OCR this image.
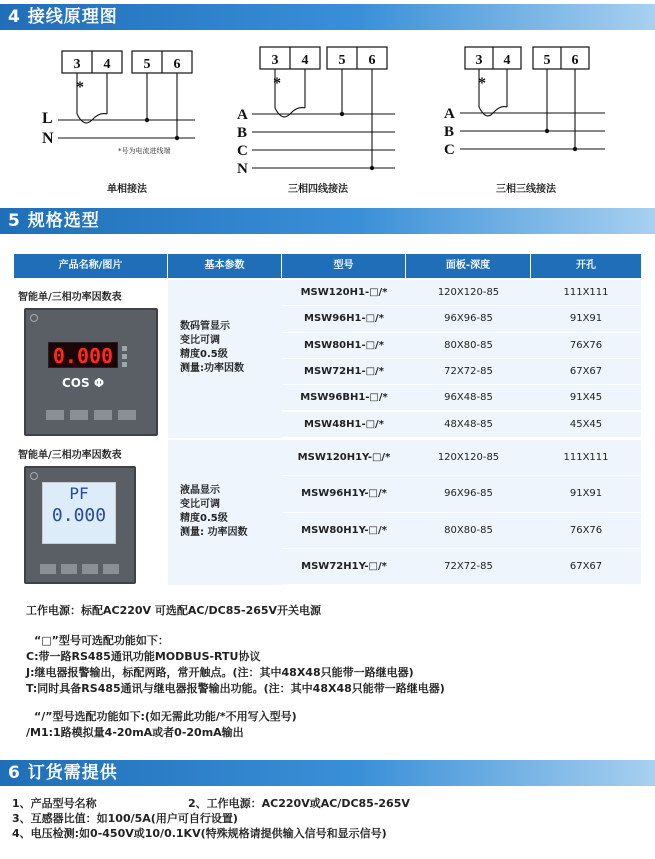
4 接线原理图
3 4 5 6
*
L
N
*号为电流进线端
单相接法
3 4 5 6
*
A
B
C
N
三相四线接法
3 4 5 6
*
A
B
C
三相三线接法
5 规格选型
产品名称/图片	基本参数	型号	面板-深度	开孔
MSW120H1-□/*	120X120-85	111X111
MSW96H1-□/*	96X96-85	91X91
MSW80H1-□/*	80X80-85	76X76
MSW72H1-□/*	72X72-85	67X67
MSW96BH1-□/*	96X48-85	91X45
MSW48H1-□/*	48X48-85	45X45
MSW120H1Y-□/*	120X120-85	111X111
MSW96H1Y-□/*	96X96-85	91X91
MSW80H1Y-□/*	80X80-85	76X76
MSW72H1Y-□/*	72X72-85	67X67
智能单/三相功率因数表
0.000
COS Φ
数码管显示
变比可调
精度0.5级
测量:功率因数
智能单/三相功率因数表
PF
0.000
液晶显示
变比可调
精度0.5级
测量: 功率因数
工作电源：标配AC220V 可选配AC/DC85-265V开关电源
“□”型号可选配功能如下：
C:带一路RS485通讯功能MODBUS-RTU协议
J:继电器报警输出，标配两路，常开触点。(注：其中48X48只能带一路继电器)
T:同时具备RS485通讯与继电器报警输出功能。(注：其中48X48只能带一路继电器)
“/”型号选配功能如下:(如无需此功能/*不用写入型号)
/M1:1路模拟量4-20mA或者0-20mA输出
6 订货需提供
1、产品型号名称	2、工作电源：AC220V或AC/DC85-265V
3、互感器比值：如100/5A(用户可自行设置)
4、电压检测:如0-450V或10/0.1KV(特殊规格请提供输入信号和显示信号)
